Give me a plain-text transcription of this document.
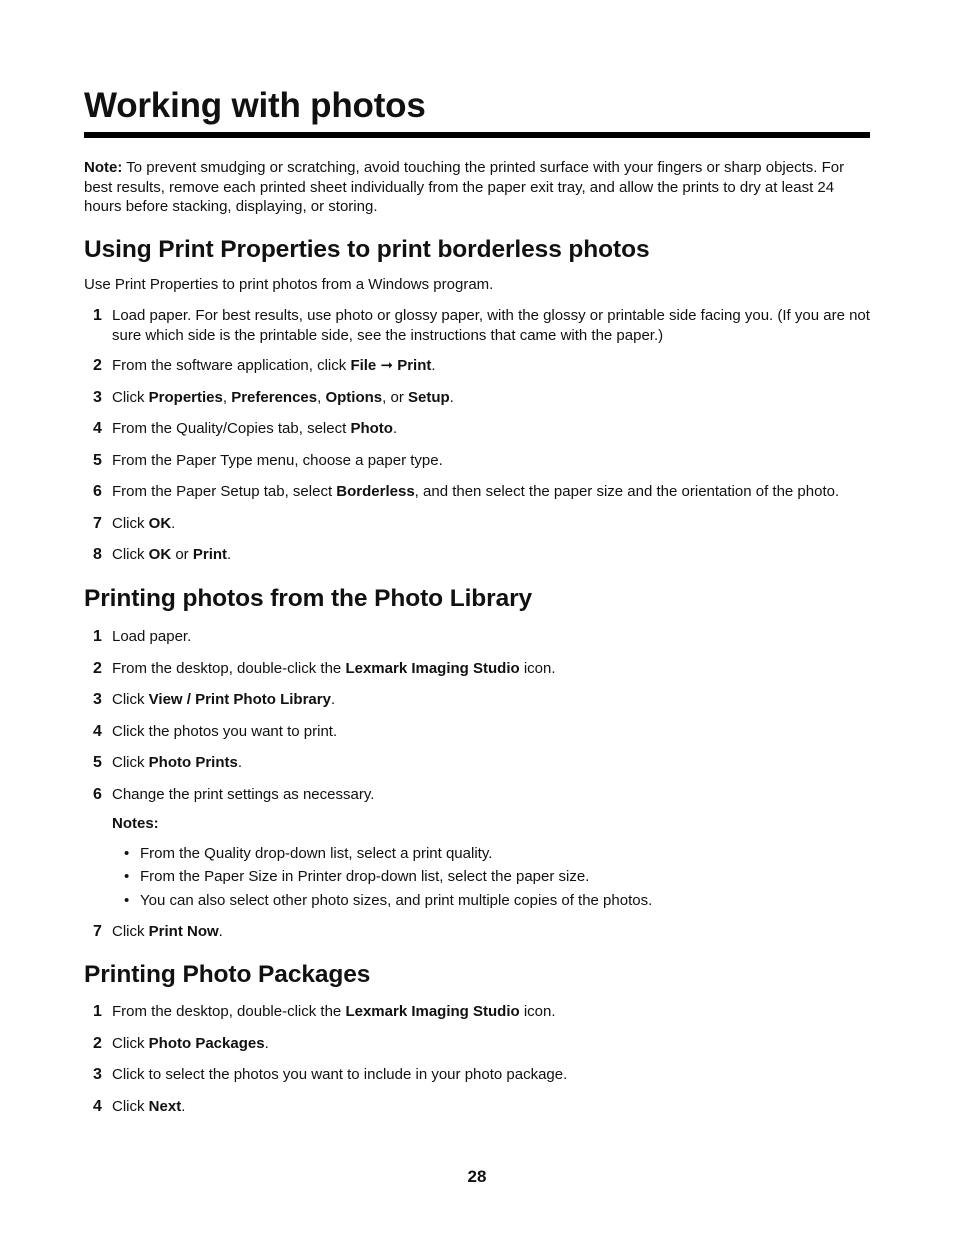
Working with photos
Note: To prevent smudging or scratching, avoid touching the printed surface with your fingers or sharp objects. For best results, remove each printed sheet individually from the paper exit tray, and allow the prints to dry at least 24 hours before stacking, displaying, or storing.
Using Print Properties to print borderless photos
Use Print Properties to print photos from a Windows program.
1 Load paper. For best results, use photo or glossy paper, with the glossy or printable side facing you. (If you are not sure which side is the printable side, see the instructions that came with the paper.)
2 From the software application, click File ➞ Print.
3 Click Properties, Preferences, Options, or Setup.
4 From the Quality/Copies tab, select Photo.
5 From the Paper Type menu, choose a paper type.
6 From the Paper Setup tab, select Borderless, and then select the paper size and the orientation of the photo.
7 Click OK.
8 Click OK or Print.
Printing photos from the Photo Library
1 Load paper.
2 From the desktop, double-click the Lexmark Imaging Studio icon.
3 Click View / Print Photo Library.
4 Click the photos you want to print.
5 Click Photo Prints.
6 Change the print settings as necessary.
Notes:
• From the Quality drop-down list, select a print quality.
• From the Paper Size in Printer drop-down list, select the paper size.
• You can also select other photo sizes, and print multiple copies of the photos.
7 Click Print Now.
Printing Photo Packages
1 From the desktop, double-click the Lexmark Imaging Studio icon.
2 Click Photo Packages.
3 Click to select the photos you want to include in your photo package.
4 Click Next.
28
